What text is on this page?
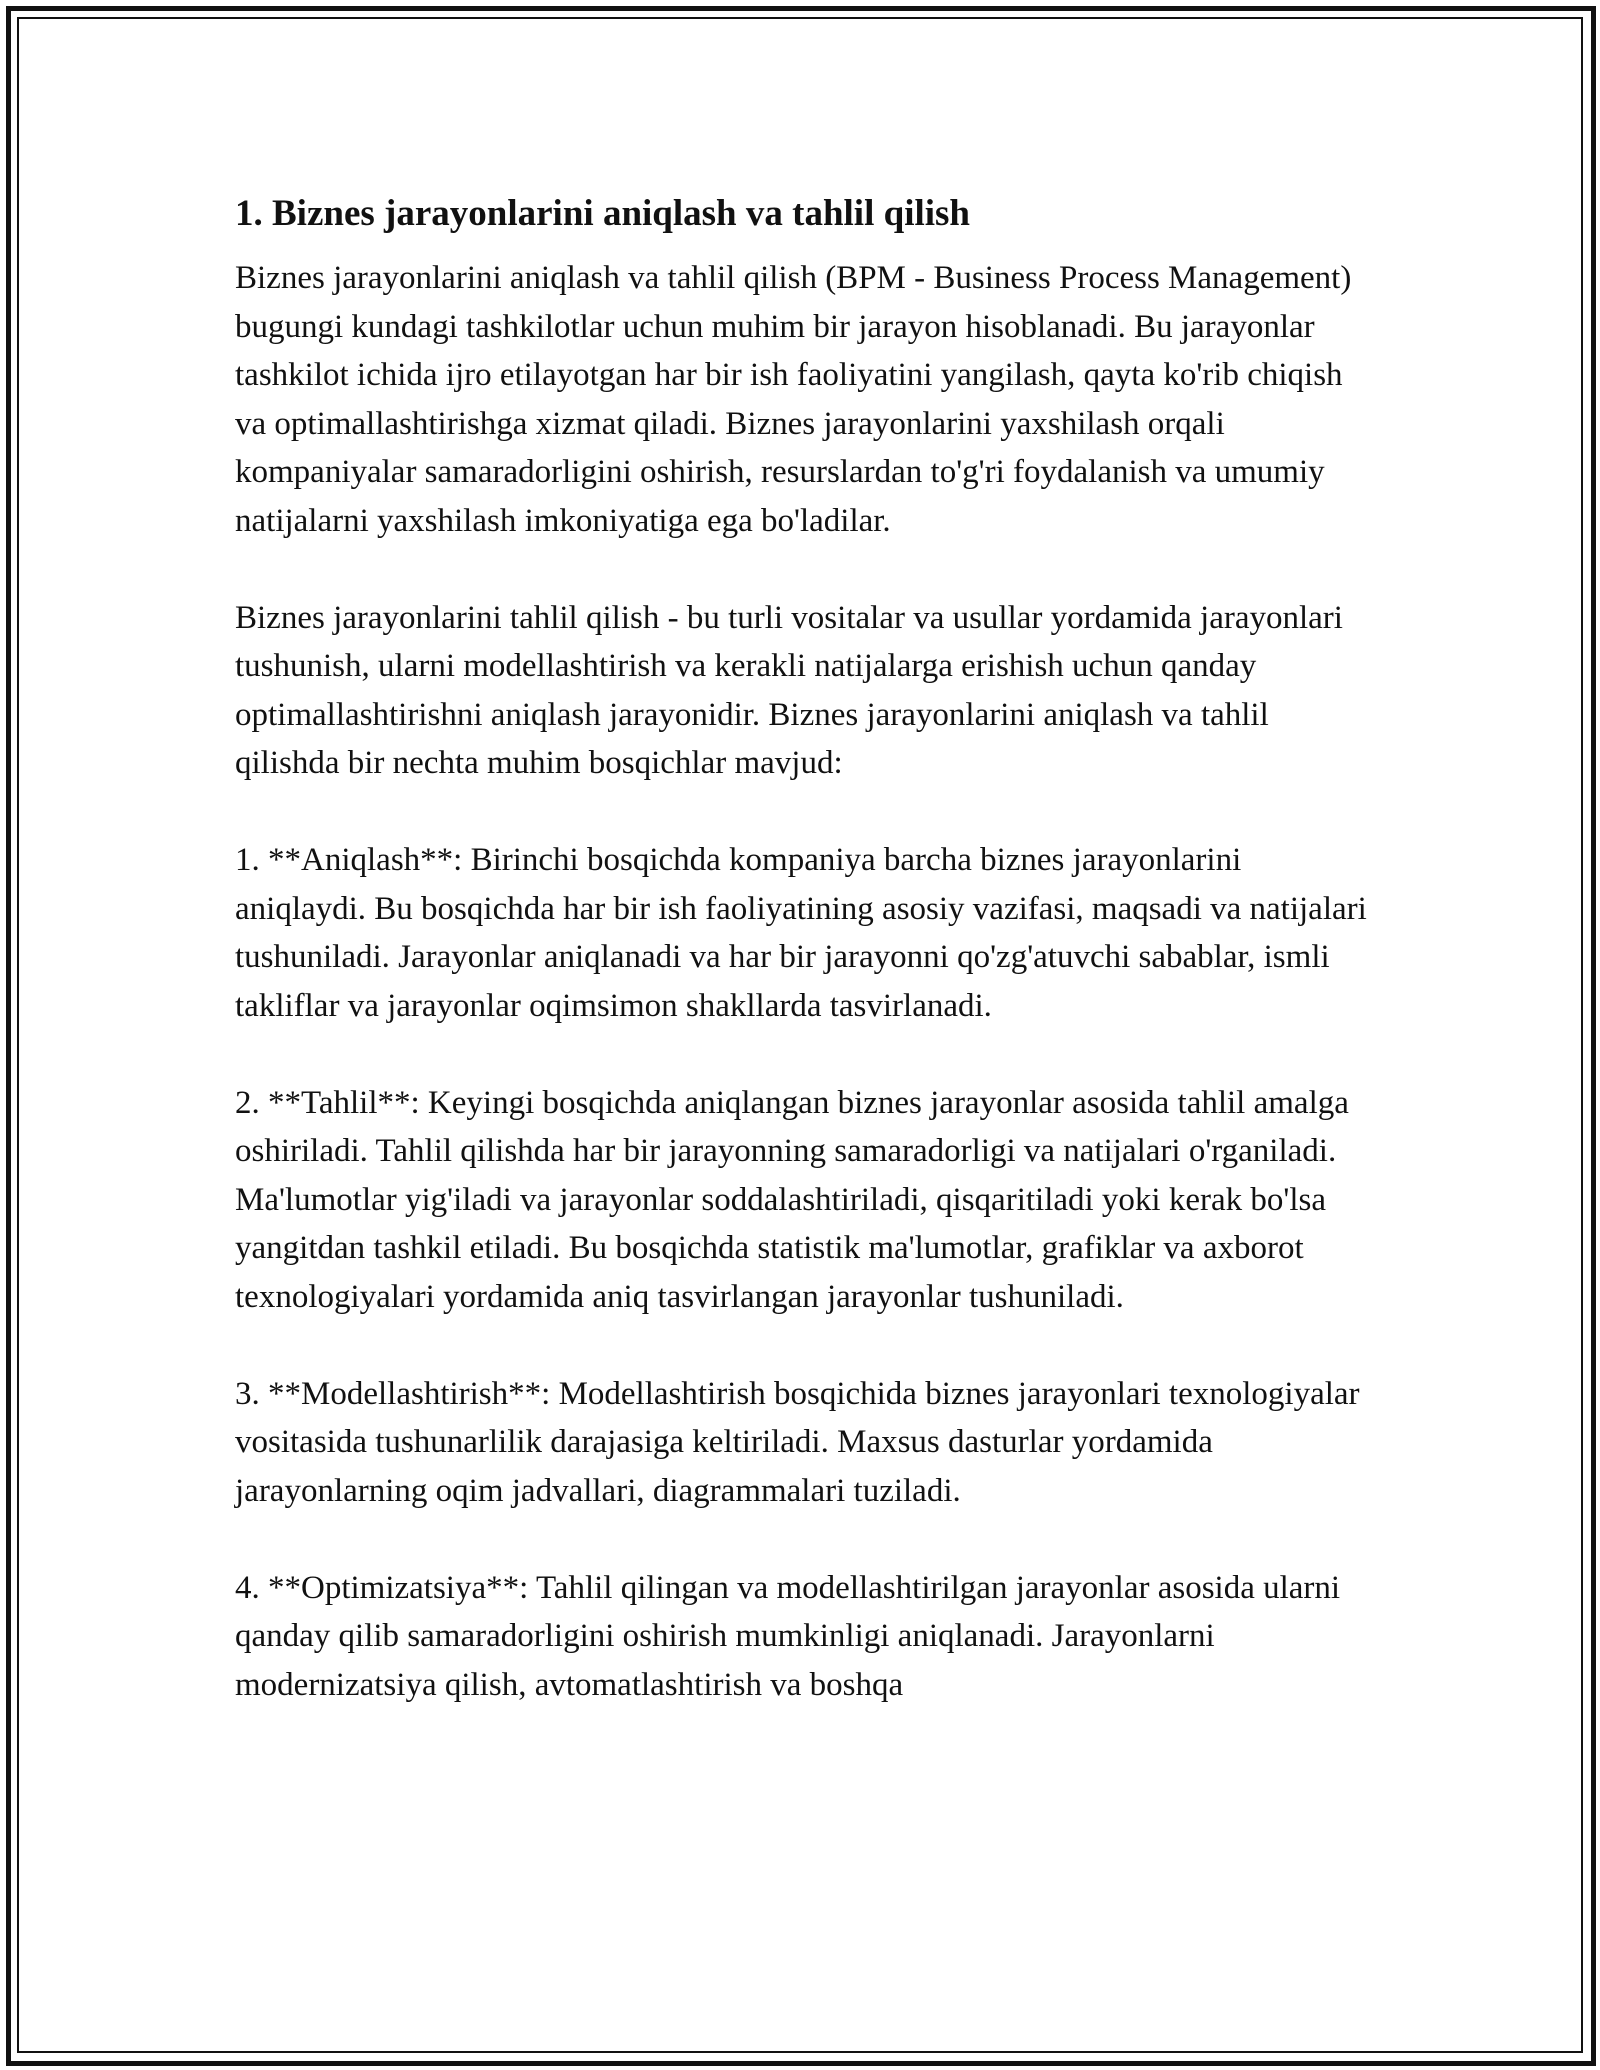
1. Biznes jarayonlarini aniqlash va tahlil qilish

Biznes jarayonlarini aniqlash va tahlil qilish (BPM - Business Process Management) bugungi kundagi tashkilotlar uchun muhim bir jarayon hisoblanadi. Bu jarayonlar tashkilot ichida ijro etilayotgan har bir ish faoliyatini yangilash, qayta ko'rib chiqish va optimallashtirishga xizmat qiladi. Biznes jarayonlarini yaxshilash orqali kompaniyalar samaradorligini oshirish, resurslardan to'g'ri foydalanish va umumiy natijalarni yaxshilash imkoniyatiga ega bo'ladilar.

Biznes jarayonlarini tahlil qilish - bu turli vositalar va usullar yordamida jarayonlari tushunish, ularni modellashtirish va kerakli natijalarga erishish uchun qanday optimallashtirishni aniqlash jarayonidir. Biznes jarayonlarini aniqlash va tahlil qilishda bir nechta muhim bosqichlar mavjud:

1. **Aniqlash**: Birinchi bosqichda kompaniya barcha biznes jarayonlarini aniqlaydi. Bu bosqichda har bir ish faoliyatining asosiy vazifasi, maqsadi va natijalari tushuniladi. Jarayonlar aniqlanadi va har bir jarayonni qo'zg'atuvchi sabablar, ismli takliflar va jarayonlar oqimsimon shakllarda tasvirlanadi.

2. **Tahlil**: Keyingi bosqichda aniqlangan biznes jarayonlar asosida tahlil amalga oshiriladi. Tahlil qilishda har bir jarayonning samaradorligi va natijalari o'rganiladi. Ma'lumotlar yig'iladi va jarayonlar soddalashtiriladi, qisqaritiladi yoki kerak bo'lsa yangitdan tashkil etiladi. Bu bosqichda statistik ma'lumotlar, grafiklar va axborot texnologiyalari yordamida aniq tasvirlangan jarayonlar tushuniladi.

3. **Modellashtirish**: Modellashtirish bosqichida biznes jarayonlari texnologiyalar vositasida tushunarlilik darajasiga keltiriladi. Maxsus dasturlar yordamida jarayonlarning oqim jadvallari, diagrammalari tuziladi.

4. **Optimizatsiya**: Tahlil qilingan va modellashtirilgan jarayonlar asosida ularni qanday qilib samaradorligini oshirish mumkinligi aniqlanadi. Jarayonlarni modernizatsiya qilish, avtomatlashtirish va boshqa
